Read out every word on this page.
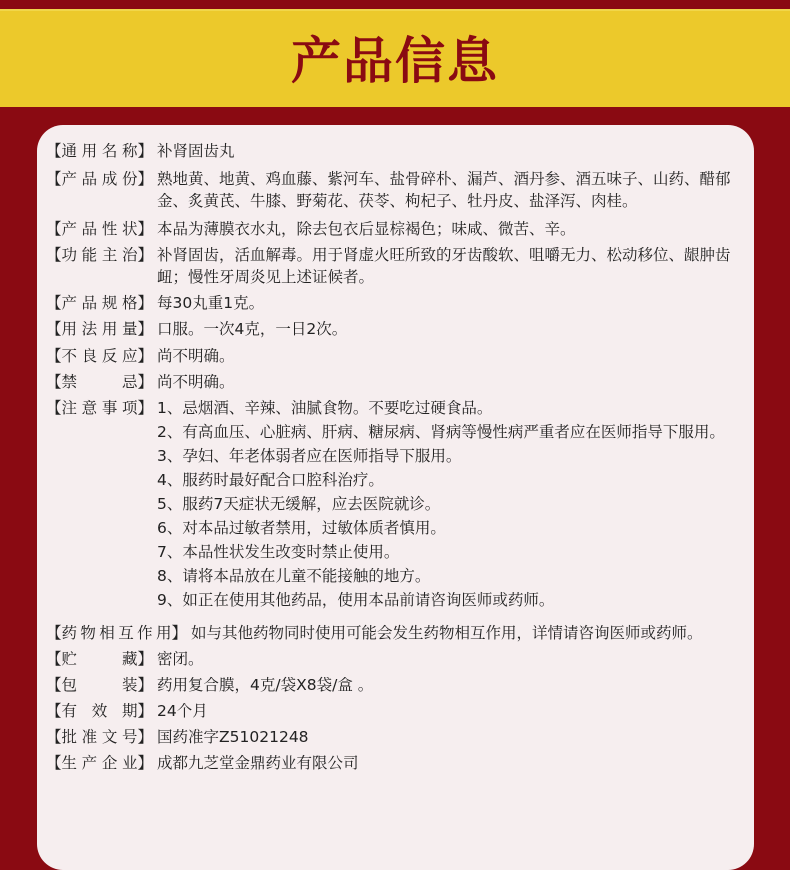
产品信息
【通用名称】 补肾固齿丸
【产品成份】 熟地黄、地黄、鸡血藤、紫河车、盐骨碎朴、漏芦、酒丹参、酒五味子、山药、醋郁金、炙黄芪、牛膝、野菊花、茯苓、枸杞子、牡丹皮、盐泽泻、肉桂。
【产品性状】 本品为薄膜衣水丸，除去包衣后显棕褐色；味咸、微苦、辛。
【功能主治】 补肾固齿，活血解毒。用于肾虚火旺所致的牙齿酸软、咀嚼无力、松动移位、龈肿齿衄；慢性牙周炎见上述证候者。
【产品规格】 每30丸重1克。
【用法用量】 口服。一次4克，一日2次。
【不良反应】 尚不明确。
【禁忌】 尚不明确。
【注意事项】 1、忌烟酒、辛辣、油腻食物。不要吃过硬食品。
2、有高血压、心脏病、肝病、糖尿病、肾病等慢性病严重者应在医师指导下服用。
3、孕妇、年老体弱者应在医师指导下服用。
4、服药时最好配合口腔科治疗。
5、服药7天症状无缓解，应去医院就诊。
6、对本品过敏者禁用，过敏体质者慎用。
7、本品性状发生改变时禁止使用。
8、请将本品放在儿童不能接触的地方。
9、如正在使用其他药品，使用本品前请咨询医师或药师。
【药物相互作用】 如与其他药物同时使用可能会发生药物相互作用，详情请咨询医师或药师。
【贮藏】 密闭。
【包装】 药用复合膜，4克/袋X8袋/盒 。
【有效期】 24个月
【批准文号】 国药准字Z51021248
【生产企业】 成都九芝堂金鼎药业有限公司
